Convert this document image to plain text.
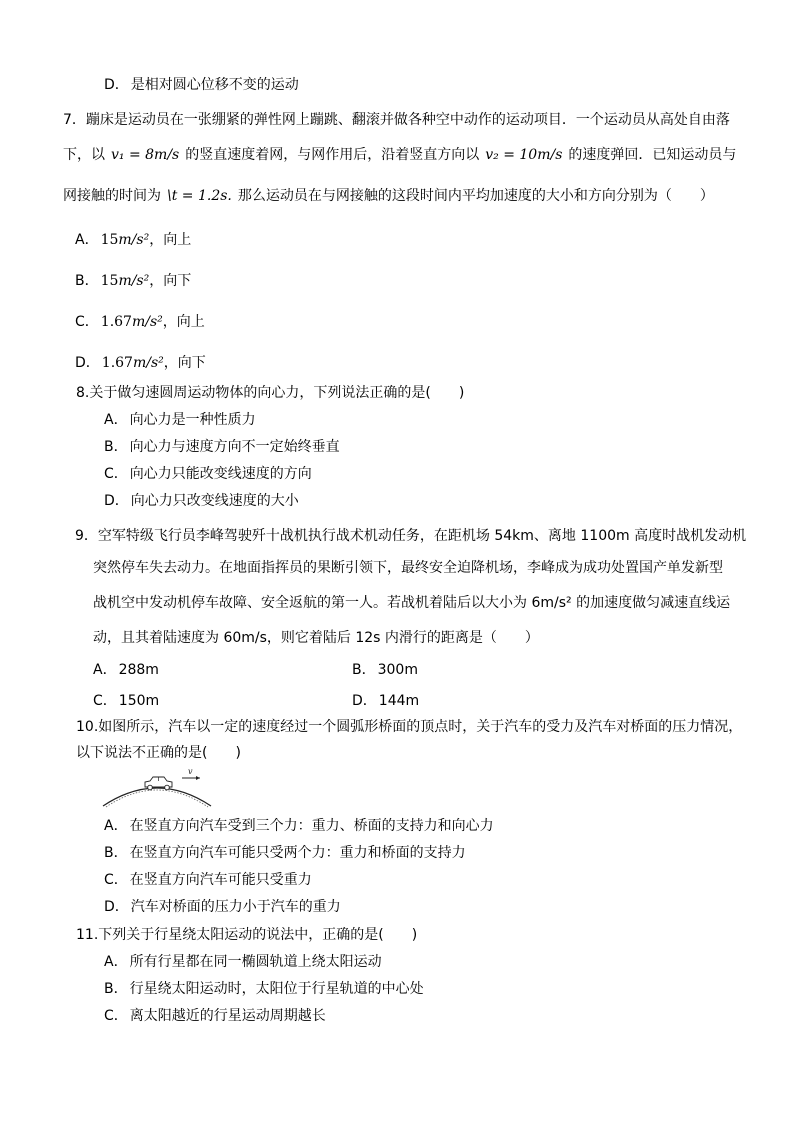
D． 是相对圆心位移不变的运动
7．蹦床是运动员在一张绷紧的弹性网上蹦跳、翻滚并做各种空中动作的运动项目．一个运动员从高处自由落
下，以 v₁ = 8m/s 的竖直速度着网，与网作用后，沿着竖直方向以 v₂ = 10m/s 的速度弹回．已知运动员与
网接触的时间为 \t = 1.2s. 那么运动员在与网接触的这段时间内平均加速度的大小和方向分别为（　　）
A． 15m/s²，向上
B． 15m/s²，向下
C． 1.67m/s²，向上
D． 1.67m/s²，向下
8.关于做匀速圆周运动物体的向心力，下列说法正确的是(　　)
A． 向心力是一种性质力
B． 向心力与速度方向不一定始终垂直
C． 向心力只能改变线速度的方向
D． 向心力只改变线速度的大小
9．空军特级飞行员李峰驾驶歼十战机执行战术机动任务，在距机场 54km、离地 1100m 高度时战机发动机
突然停车失去动力。在地面指挥员的果断引领下，最终安全迫降机场，李峰成为成功处置国产单发新型
战机空中发动机停车故障、安全返航的第一人。若战机着陆后以大小为 6m/s² 的加速度做匀减速直线运
动，且其着陆速度为 60m/s，则它着陆后 12s 内滑行的距离是（　　）
A． 288m	B． 300m
C． 150m	D． 144m
10.如图所示，汽车以一定的速度经过一个圆弧形桥面的顶点时，关于汽车的受力及汽车对桥面的压力情况，
以下说法不正确的是(　　)
v
A． 在竖直方向汽车受到三个力：重力、桥面的支持力和向心力
B． 在竖直方向汽车可能只受两个力：重力和桥面的支持力
C． 在竖直方向汽车可能只受重力
D． 汽车对桥面的压力小于汽车的重力
11.下列关于行星绕太阳运动的说法中，正确的是(　　)
A． 所有行星都在同一椭圆轨道上绕太阳运动
B． 行星绕太阳运动时，太阳位于行星轨道的中心处
C． 离太阳越近的行星运动周期越长
